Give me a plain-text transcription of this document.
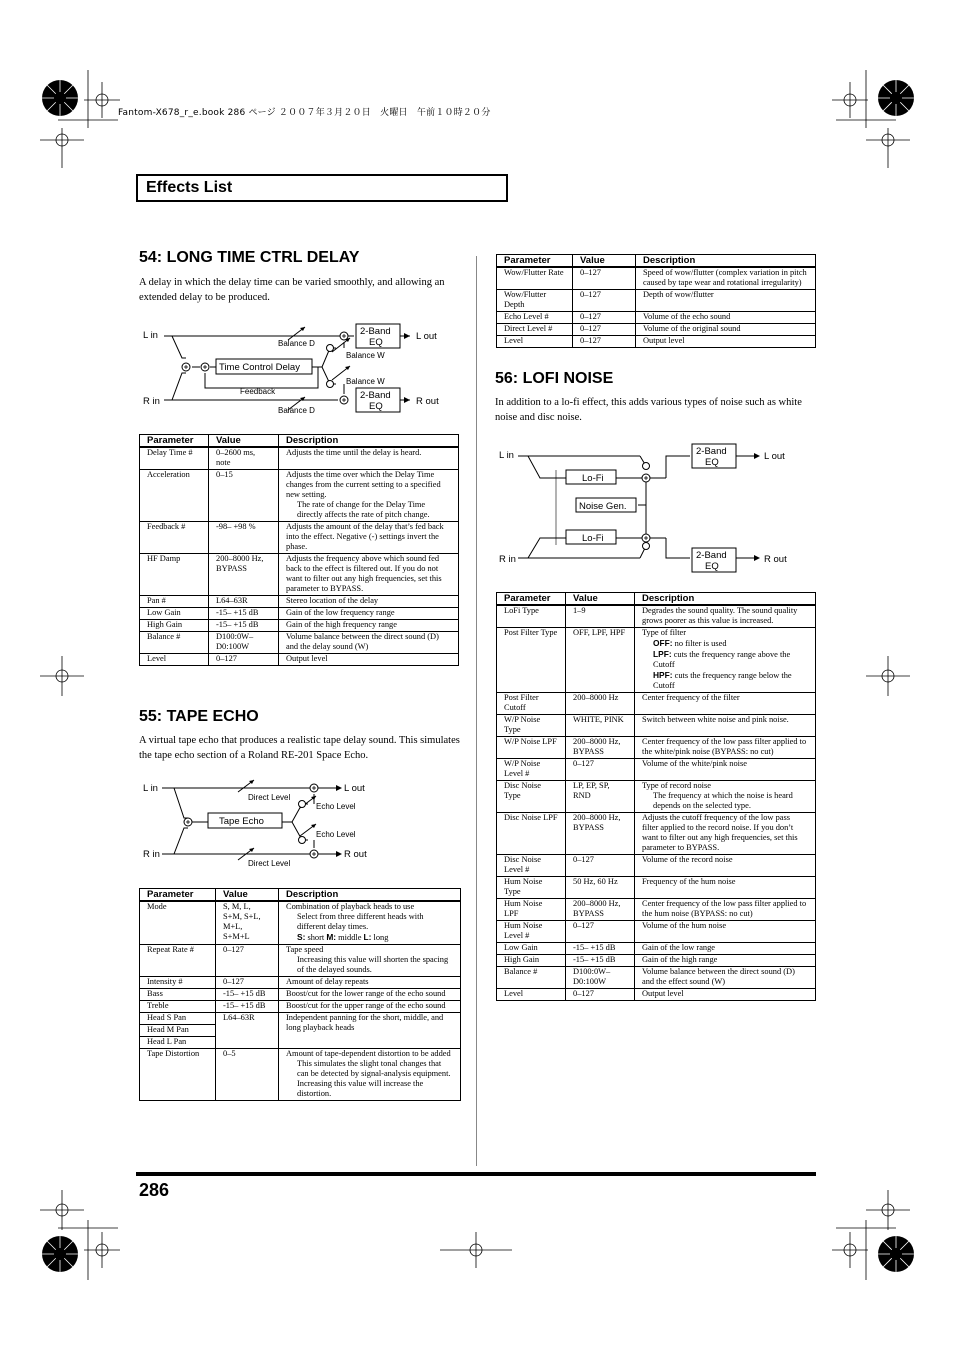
Fantom-X678_r_e.book 286 ページ ２００７年３月２０日　火曜日　午前１０時２０分
Effects List
54: LONG TIME CTRL DELAY
A delay in which the delay time can be varied smoothly, and allowing an extended delay to be produced.
L in
R in
L out
R out
Balance D
Balance D
Balance W
Balance W
2-Band
EQ
2-Band
EQ
Time Control Delay
Feedback
Parameter	Value	Description
Delay Time #	0–2600 ms, note	Adjusts the time until the delay is heard.
Acceleration	0–15	Adjusts the time over which the Delay Time changes from the current setting to a specified new setting.
The rate of change for the Delay Time directly affects the rate of pitch change.

Feedback #	-98– +98 %	Adjusts the amount of the delay that’s fed back into the effect. Negative (-) settings invert the phase.
HF Damp	200–8000 Hz, BYPASS	Adjusts the frequency above which sound fed back to the effect is filtered out. If you do not want to filter out any high frequencies, set this parameter to BYPASS.
Pan #	L64–63R	Stereo location of the delay
Low Gain	-15– +15 dB	Gain of the low frequency range
High Gain	-15– +15 dB	Gain of the high frequency range
Balance #	D100:0W– D0:100W	Volume balance between the direct sound (D) and the delay sound (W)
Level	0–127	Output level
55: TAPE ECHO
A virtual tape echo that produces a realistic tape delay sound. This simulates the tape echo section of a Roland RE-201 Space Echo.
L in
R in
L out
R out
Direct Level
Direct Level
Echo Level
Echo Level
Tape Echo
Parameter	Value	Description
Mode	S, M, L, S+M, S+L, M+L, S+M+L	Combination of playback heads to use
Select from three different heads with different delay times.
S: short M: middle L: long

Repeat Rate #	0–127	Tape speed
Increasing this value will shorten the spacing of the delayed sounds.

Intensity #	0–127	Amount of delay repeats
Bass	-15– +15 dB	Boost/cut for the lower range of the echo sound
Treble	-15– +15 dB	Boost/cut for the upper range of the echo sound
Head S Pan	L64–63R	Independent panning for the short, middle, and long playback heads
Head M Pan		
Head L Pan		
Tape Distortion	0–5	Amount of tape-dependent distortion to be added
This simulates the slight tonal changes that can be detected by signal-analysis equipment. Increasing this value will increase the distortion.
Parameter	Value	Description
Wow/Flutter Rate	0–127	Speed of wow/flutter (complex variation in pitch caused by tape wear and rotational irregularity)
Wow/Flutter Depth	0–127	Depth of wow/flutter
Echo Level #	0–127	Volume of the echo sound
Direct Level #	0–127	Volume of the original sound
Level	0–127	Output level
56: LOFI NOISE
In addition to a lo-fi effect, this adds various types of noise such as white noise and disc noise.
L in
R in
L out
R out
2-Band
EQ
2-Band
EQ
Lo-Fi
Lo-Fi
Noise Gen.
Parameter	Value	Description
LoFi Type	1–9	Degrades the sound quality. The sound quality grows poorer as this value is increased.
Post Filter Type	OFF, LPF, HPF	Type of filter
OFF: no filter is used
LPF: cuts the frequency range above the Cutoff
HPF: cuts the frequency range below the Cutoff

Post Filter Cutoff	200–8000 Hz	Center frequency of the filter
W/P Noise Type	WHITE, PINK	Switch between white noise and pink noise.
W/P Noise LPF	200–8000 Hz, BYPASS	Center frequency of the low pass filter applied to the white/pink noise (BYPASS: no cut)
W/P Noise Level #	0–127	Volume of the white/pink noise
Disc Noise Type	LP, EP, SP, RND	Type of record noise
The frequency at which the noise is heard depends on the selected type.

Disc Noise LPF	200–8000 Hz, BYPASS	Adjusts the cutoff frequency of the low pass filter applied to the record noise. If you don’t want to filter out any high frequencies, set this parameter to BYPASS.
Disc Noise Level #	0–127	Volume of the record noise
Hum Noise Type	50 Hz, 60 Hz	Frequency of the hum noise
Hum Noise LPF	200–8000 Hz, BYPASS	Center frequency of the low pass filter applied to the hum noise (BYPASS: no cut)
Hum Noise Level #	0–127	Volume of the hum noise
Low Gain	-15– +15 dB	Gain of the low range
High Gain	-15– +15 dB	Gain of the high range
Balance #	D100:0W– D0:100W	Volume balance between the direct sound (D) and the effect sound (W)
Level	0–127	Output level
286
